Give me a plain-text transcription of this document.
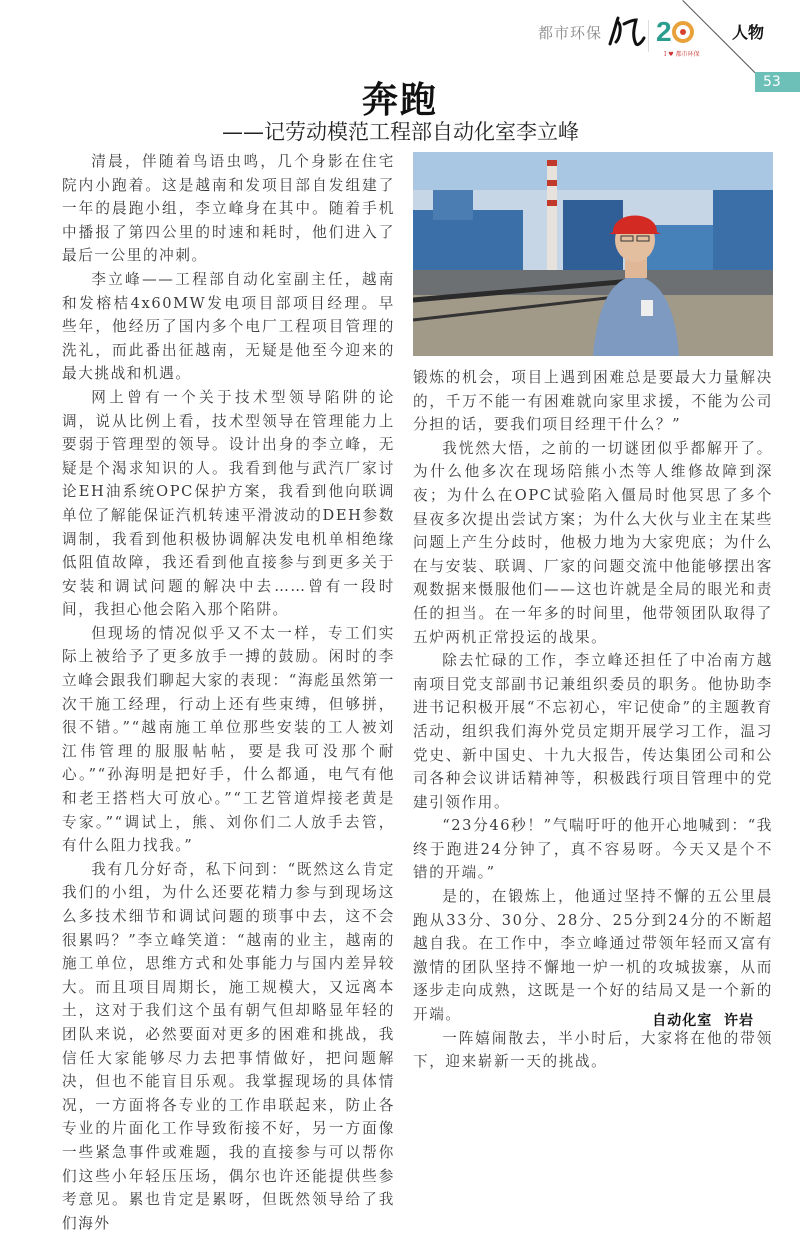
都市环保 2
I ♥ 都市环保
人物
53
奔跑
——记劳动模范工程部自动化室李立峰

清晨，伴随着鸟语虫鸣，几个身影在住宅院内小跑着。这是越南和发项目部自发组建了一年的晨跑小组，李立峰身在其中。随着手机中播报了第四公里的时速和耗时，他们进入了最后一公里的冲刺。

李立峰——工程部自动化室副主任，越南和发榕桔4x60MW发电项目部项目经理。早些年，他经历了国内多个电厂工程项目管理的洗礼，而此番出征越南，无疑是他至今迎来的最大挑战和机遇。

网上曾有一个关于技术型领导陷阱的论调，说从比例上看，技术型领导在管理能力上要弱于管理型的领导。设计出身的李立峰，无疑是个渴求知识的人。我看到他与武汽厂家讨论EH油系统OPC保护方案，我看到他向联调单位了解能保证汽机转速平滑波动的DEH参数调制，我看到他积极协调解决发电机单相绝缘低阻值故障，我还看到他直接参与到更多关于安装和调试问题的解决中去……曾有一段时间，我担心他会陷入那个陷阱。

但现场的情况似乎又不太一样，专工们实际上被给予了更多放手一搏的鼓励。闲时的李立峰会跟我们聊起大家的表现：“海彪虽然第一次干施工经理，行动上还有些束缚，但够拼，很不错。”“越南施工单位那些安装的工人被刘江伟管理的服服帖帖，要是我可没那个耐心。”“孙海明是把好手，什么都通，电气有他和老王搭档大可放心。”“工艺管道焊接老黄是专家。”“调试上，熊、刘你们二人放手去管，有什么阻力找我。”

我有几分好奇，私下问到：“既然这么肯定我们的小组，为什么还要花精力参与到现场这么多技术细节和调试问题的琐事中去，这不会很累吗？”李立峰笑道：“越南的业主，越南的施工单位，思维方式和处事能力与国内差异较大。而且项目周期长，施工规模大，又远离本土，这对于我们这个虽有朝气但却略显年轻的团队来说，必然要面对更多的困难和挑战，我信任大家能够尽力去把事情做好，把问题解决，但也不能盲目乐观。我掌握现场的具体情况，一方面将各专业的工作串联起来，防止各专业的片面化工作导致衔接不好，另一方面像一些紧急事件或难题，我的直接参与可以帮你们这些小年轻压压场，偶尔也许还能提供些参考意见。累也肯定是累呀，但既然领导给了我们海外

锻炼的机会，项目上遇到困难总是要最大力量解决的，千万不能一有困难就向家里求援，不能为公司分担的话，要我们项目经理干什么？”

我恍然大悟，之前的一切谜团似乎都解开了。为什么他多次在现场陪熊小杰等人维修故障到深夜；为什么在OPC试验陷入僵局时他冥思了多个昼夜多次提出尝试方案；为什么大伙与业主在某些问题上产生分歧时，他极力地为大家兜底；为什么在与安装、联调、厂家的问题交流中他能够摆出客观数据来慑服他们——这也许就是全局的眼光和责任的担当。在一年多的时间里，他带领团队取得了五炉两机正常投运的战果。

除去忙碌的工作，李立峰还担任了中冶南方越南项目党支部副书记兼组织委员的职务。他协助李进书记积极开展“不忘初心，牢记使命”的主题教育活动，组织我们海外党员定期开展学习工作，温习党史、新中国史、十九大报告，传达集团公司和公司各种会议讲话精神等，积极践行项目管理中的党建引领作用。

“23分46秒！”气喘吁吁的他开心地喊到：“我终于跑进24分钟了，真不容易呀。今天又是个不错的开端。”

是的，在锻炼上，他通过坚持不懈的五公里晨跑从33分、30分、28分、25分到24分的不断超越自我。在工作中，李立峰通过带领年轻而又富有激情的团队坚持不懈地一炉一机的攻城拔寨，从而逐步走向成熟，这既是一个好的结局又是一个新的开端。

一阵嬉闹散去，半小时后，大家将在他的带领下，迎来崭新一天的挑战。

自动化室  许岩
